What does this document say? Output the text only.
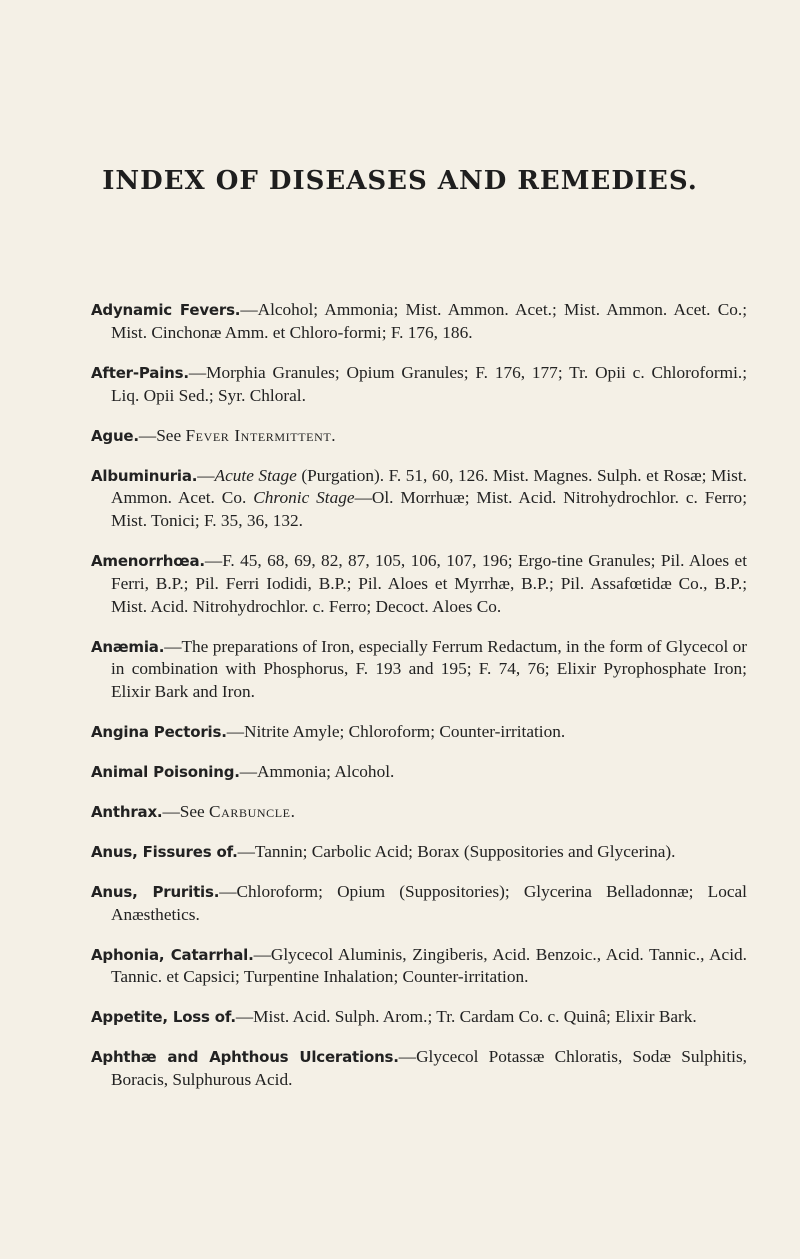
INDEX OF DISEASES AND REMEDIES.

Adynamic Fevers.—Alcohol; Ammonia; Mist. Ammon. Acet.; Mist. Ammon. Acet. Co.; Mist. Cinchonæ Amm. et Chloro-formi; F. 176, 186.

After-Pains.—Morphia Granules; Opium Granules; F. 176, 177; Tr. Opii c. Chloroformi.; Liq. Opii Sed.; Syr. Chloral.

Ague.—See Fever Intermittent.

Albuminuria.—Acute Stage (Purgation). F. 51, 60, 126. Mist. Magnes. Sulph. et Rosæ; Mist. Ammon. Acet. Co. Chronic Stage—Ol. Morrhuæ; Mist. Acid. Nitrohydrochlor. c. Ferro; Mist. Tonici; F. 35, 36, 132.

Amenorrhœa.—F. 45, 68, 69, 82, 87, 105, 106, 107, 196; Ergo-tine Granules; Pil. Aloes et Ferri, B.P.; Pil. Ferri Iodidi, B.P.; Pil. Aloes et Myrrhæ, B.P.; Pil. Assafœtidæ Co., B.P.; Mist. Acid. Nitrohydrochlor. c. Ferro; Decoct. Aloes Co.

Anæmia.—The preparations of Iron, especially Ferrum Redactum, in the form of Glycecol or in combination with Phosphorus, F. 193 and 195; F. 74, 76; Elixir Pyrophosphate Iron; Elixir Bark and Iron.

Angina Pectoris.—Nitrite Amyle; Chloroform; Counter-irritation.

Animal Poisoning.—Ammonia; Alcohol.

Anthrax.—See Carbuncle.

Anus, Fissures of.—Tannin; Carbolic Acid; Borax (Suppositories and Glycerina).

Anus, Pruritis.—Chloroform; Opium (Suppositories); Glycerina Belladonnæ; Local Anæsthetics.

Aphonia, Catarrhal.—Glycecol Aluminis, Zingiberis, Acid. Benzoic., Acid. Tannic., Acid. Tannic. et Capsici; Turpentine Inhalation; Counter-irritation.

Appetite, Loss of.—Mist. Acid. Sulph. Arom.; Tr. Cardam Co. c. Quinâ; Elixir Bark.

Aphthæ and Aphthous Ulcerations.—Glycecol Potassæ Chloratis, Sodæ Sulphitis, Boracis, Sulphurous Acid.
